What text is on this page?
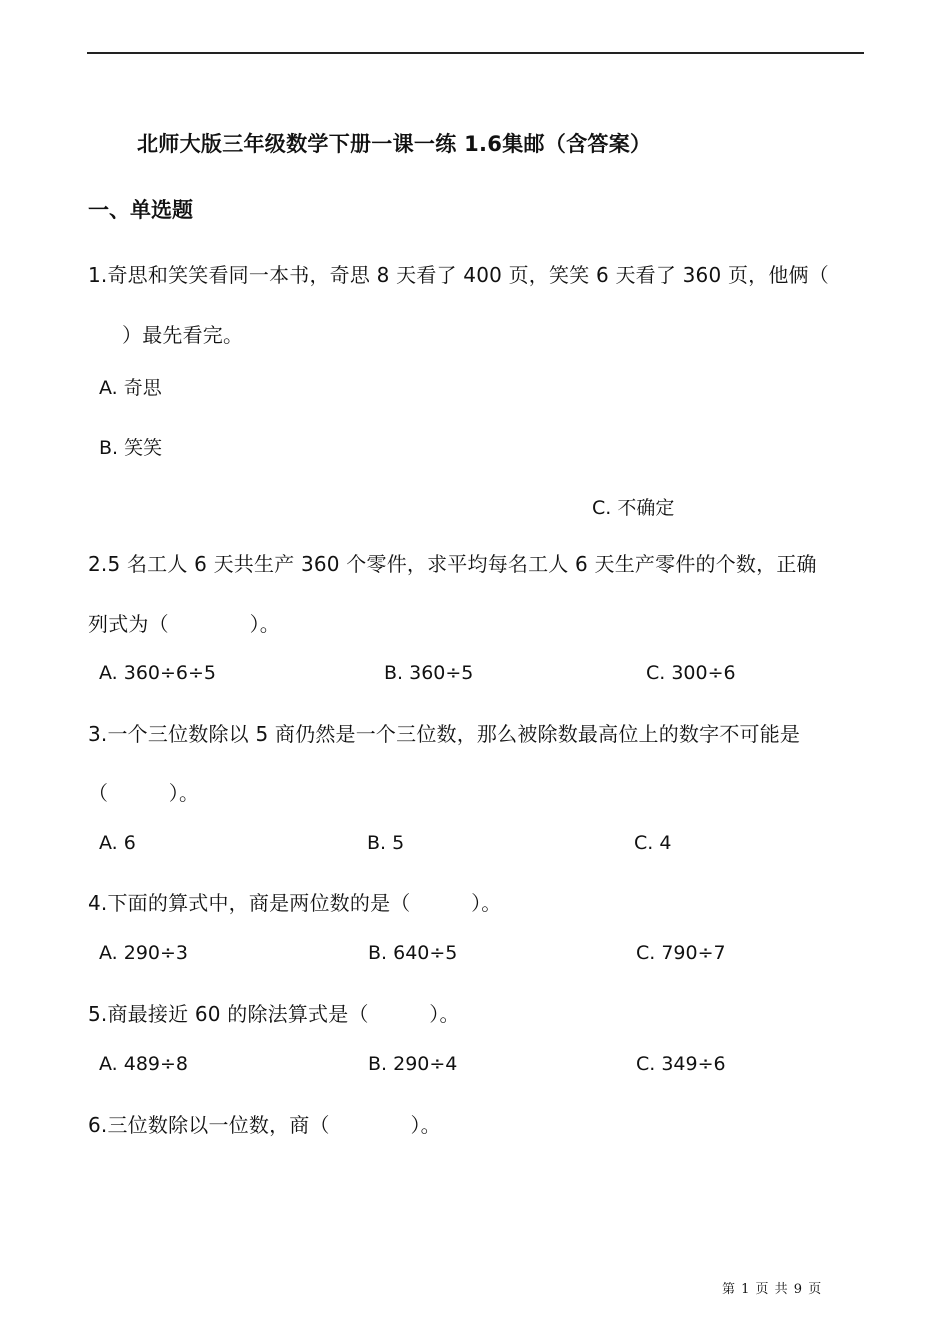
北师大版三年级数学下册一课一练 1.6集邮（含答案）
一、单选题
1.奇思和笑笑看同一本书，奇思 8 天看了 400 页，笑笑 6 天看了 360 页，他俩（
）最先看完。
A. 奇思
B. 笑笑
C. 不确定
2.5 名工人 6 天共生产 360 个零件，求平均每名工人 6 天生产零件的个数，正确
列式为（　　　　）。
A. 360÷6÷5	B. 360÷5	C. 300÷6
3.一个三位数除以 5 商仍然是一个三位数，那么被除数最高位上的数字不可能是
（　　　）。
A. 6	B. 5	C. 4
4.下面的算式中，商是两位数的是（　　　）。
A. 290÷3	B. 640÷5	C. 790÷7
5.商最接近 60 的除法算式是（　　　）。
A. 489÷8	B. 290÷4	C. 349÷6
6.三位数除以一位数，商（　　　　）。
第 1 页 共 9 页
